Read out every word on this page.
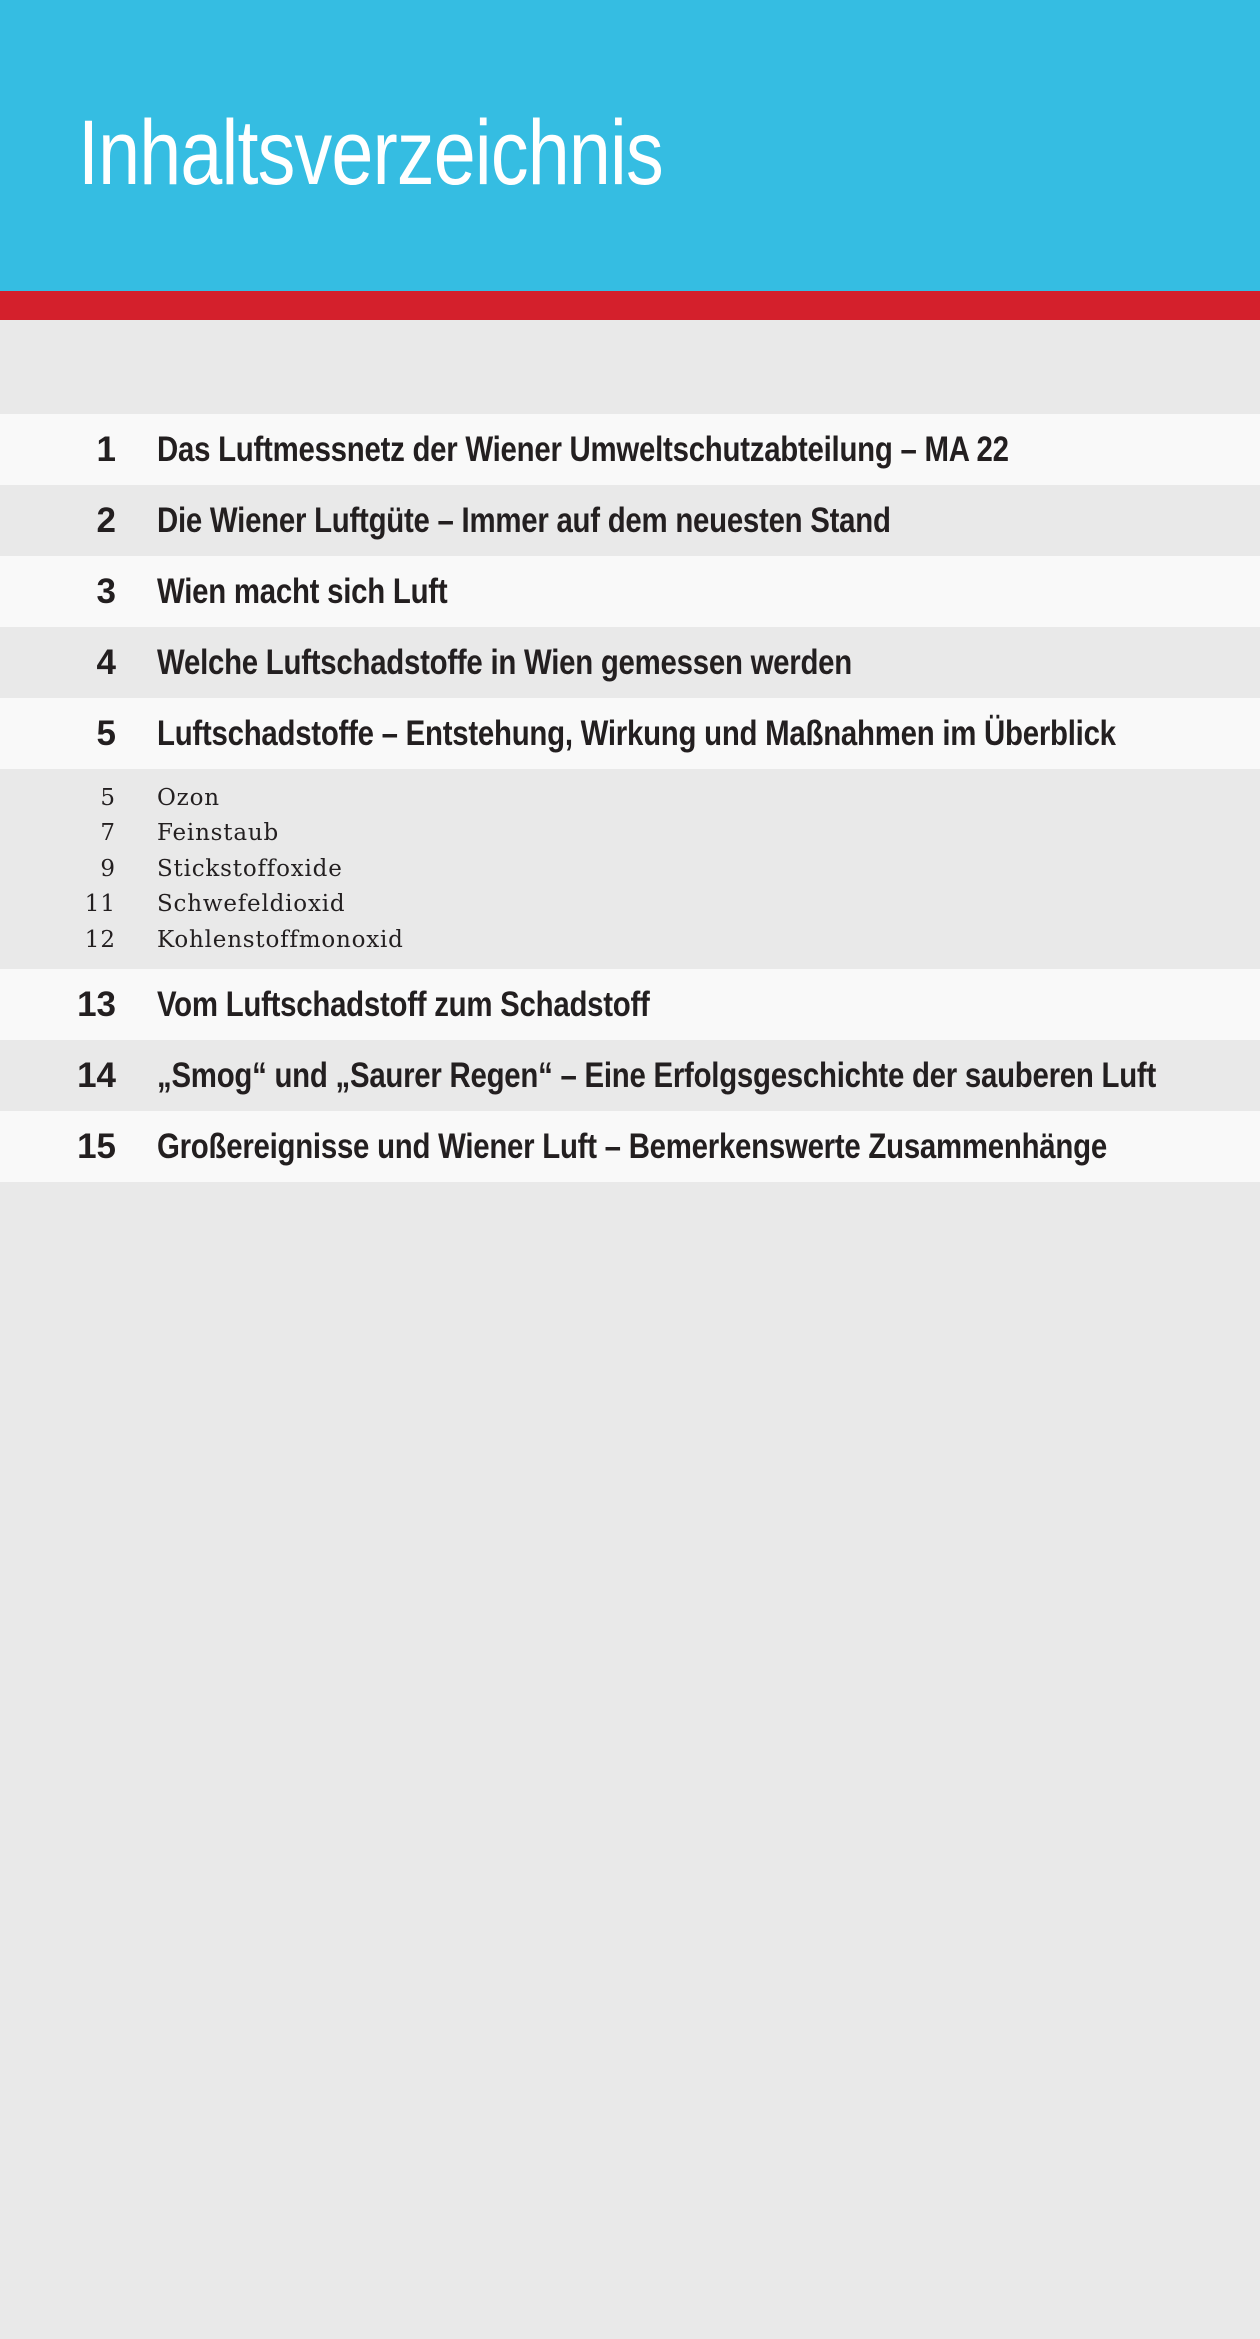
Inhaltsverzeichnis
1 Das Luftmessnetz der Wiener Umweltschutzabteilung – MA 22
2 Die Wiener Luftgüte – Immer auf dem neuesten Stand
3 Wien macht sich Luft
4 Welche Luftschadstoffe in Wien gemessen werden
5 Luftschadstoffe – Entstehung, Wirkung und Maßnahmen im Überblick
5 Ozon
7 Feinstaub
9 Stickstoffoxide
11 Schwefeldioxid
12 Kohlenstoffmonoxid
13 Vom Luftschadstoff zum Schadstoff
14 „Smog“ und „Saurer Regen“ – Eine Erfolgsgeschichte der sauberen Luft
15 Großereignisse und Wiener Luft – Bemerkenswerte Zusammenhänge
